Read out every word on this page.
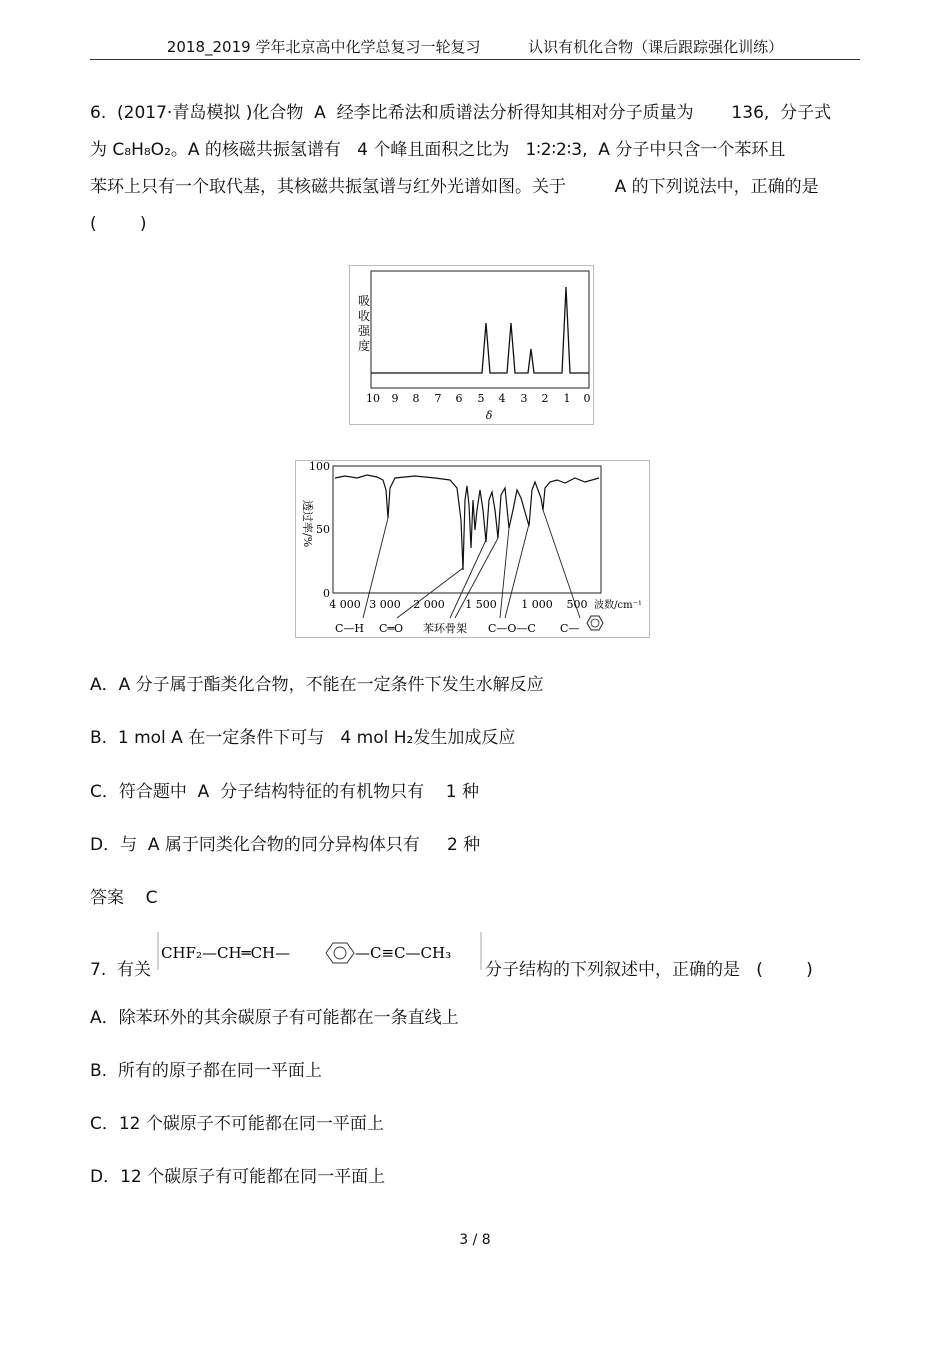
2018_2019 学年北京高中化学总复习一轮复习	认识有机化合物（课后跟踪强化训练）
6.  (2017·青岛模拟 )化合物  A  经李比希法和质谱法分析得知其相对分子质量为       136,  分子式
为 C₈H₈O₂。A 的核磁共振氢谱有   4 个峰且面积之比为   1∶2∶2∶3,  A 分子中只含一个苯环且
苯环上只有一个取代基，其核磁共振氢谱与红外光谱如图。关于         A 的下列说法中，正确的是
(        )
吸
收
强
度
10 9 8 7 6 5 4 3 2 1 0
δ
100
50
0
透过率/%
4 000 3 000 2 000 1 500 1 000 500 波数/cm⁻¹
C—H C═O 苯环骨架 C—O—C C—
A．A 分子属于酯类化合物，不能在一定条件下发生水解反应
B.  1 mol A 在一定条件下可与   4 mol H₂发生加成反应
C．符合题中  A  分子结构特征的有机物只有    1 种
D．与  A 属于同类化合物的同分异构体只有     2 种
答案    C
7.  有关
CHF₂—CH═CH—	—C≡C—CH₃
分子结构的下列叙述中，正确的是   (        )
A．除苯环外的其余碳原子有可能都在一条直线上
B.  所有的原子都在同一平面上
C．12 个碳原子不可能都在同一平面上
D．12 个碳原子有可能都在同一平面上
3 / 8
